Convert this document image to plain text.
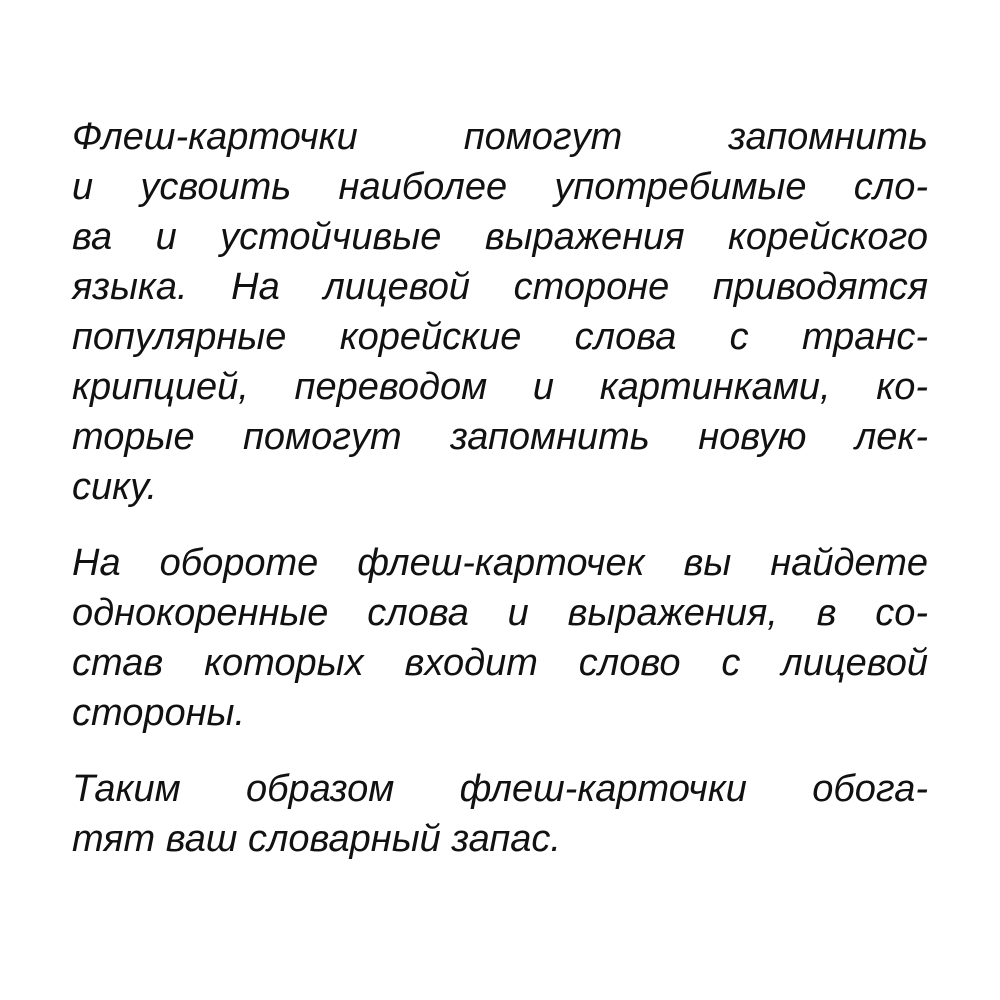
Флеш-карточки помогут запомнить
и усвоить наиболее употребимые сло-
ва и устойчивые выражения корейского
языка. На лицевой стороне приводятся
популярные корейские слова с транс-
крипцией, переводом и картинками, ко-
торые помогут запомнить новую лек-
сику.
На обороте флеш-карточек вы найдете
однокоренные слова и выражения, в со-
став которых входит слово с лицевой
стороны.
Таким образом флеш-карточки обога-
тят ваш словарный запас.
